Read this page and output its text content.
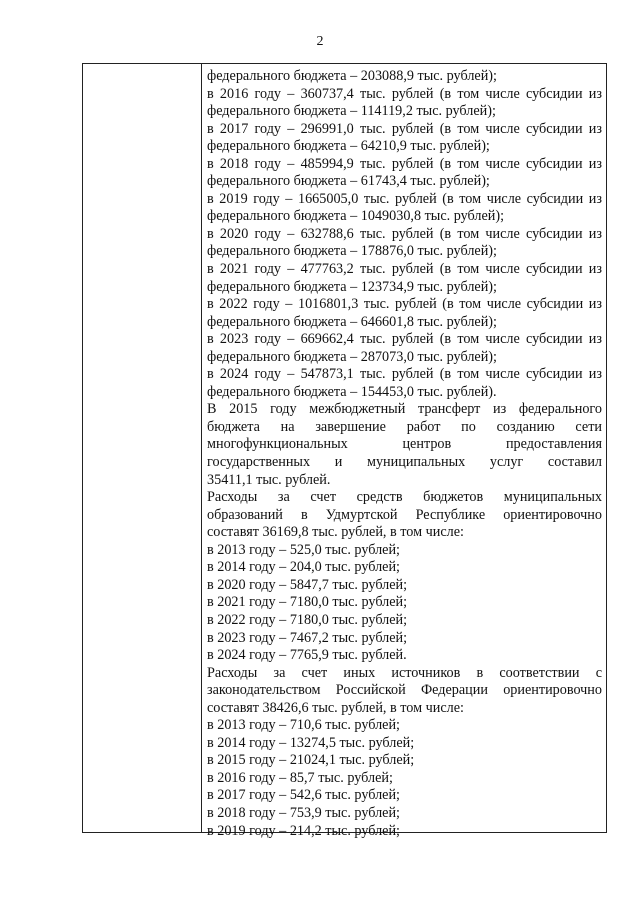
2
федерального бюджета – 203088,9 тыс. рублей);
в 2016 году – 360737,4 тыс. рублей (в том числе субсидии из
федерального бюджета – 114119,2 тыс. рублей);
в 2017 году – 296991,0 тыс. рублей (в том числе субсидии из
федерального бюджета – 64210,9 тыс. рублей);
в 2018 году – 485994,9 тыс. рублей (в том числе субсидии из
федерального бюджета – 61743,4 тыс. рублей);
в 2019 году – 1665005,0 тыс. рублей (в том числе субсидии из
федерального бюджета – 1049030,8 тыс. рублей);
в 2020 году – 632788,6 тыс. рублей (в том числе субсидии из
федерального бюджета – 178876,0 тыс. рублей);
в 2021 году – 477763,2 тыс. рублей (в том числе субсидии из
федерального бюджета – 123734,9 тыс. рублей);
в 2022 году – 1016801,3 тыс. рублей (в том числе субсидии из
федерального бюджета – 646601,8 тыс. рублей);
в 2023 году – 669662,4 тыс. рублей (в том числе субсидии из
федерального бюджета – 287073,0 тыс. рублей);
в 2024 году – 547873,1 тыс. рублей (в том числе субсидии из
федерального бюджета – 154453,0 тыс. рублей).
В 2015 году межбюджетный трансферт из федерального
бюджета на завершение работ по созданию сети
многофункциональных центров предоставления
государственных и муниципальных услуг составил
35411,1 тыс. рублей.
Расходы за счет средств бюджетов муниципальных
образований в Удмуртской Республике ориентировочно
составят 36169,8 тыс. рублей, в том числе:
в 2013 году – 525,0 тыс. рублей;
в 2014 году – 204,0 тыс. рублей;
в 2020 году – 5847,7 тыс. рублей;
в 2021 году – 7180,0 тыс. рублей;
в 2022 году – 7180,0 тыс. рублей;
в 2023 году – 7467,2 тыс. рублей;
в 2024 году – 7765,9 тыс. рублей.
Расходы за счет иных источников в соответствии с
законодательством Российской Федерации ориентировочно
составят 38426,6 тыс. рублей, в том числе:
в 2013 году – 710,6 тыс. рублей;
в 2014 году – 13274,5 тыс. рублей;
в 2015 году – 21024,1 тыс. рублей;
в 2016 году – 85,7 тыс. рублей;
в 2017 году – 542,6 тыс. рублей;
в 2018 году – 753,9 тыс. рублей;
в 2019 году – 214,2 тыс. рублей;
